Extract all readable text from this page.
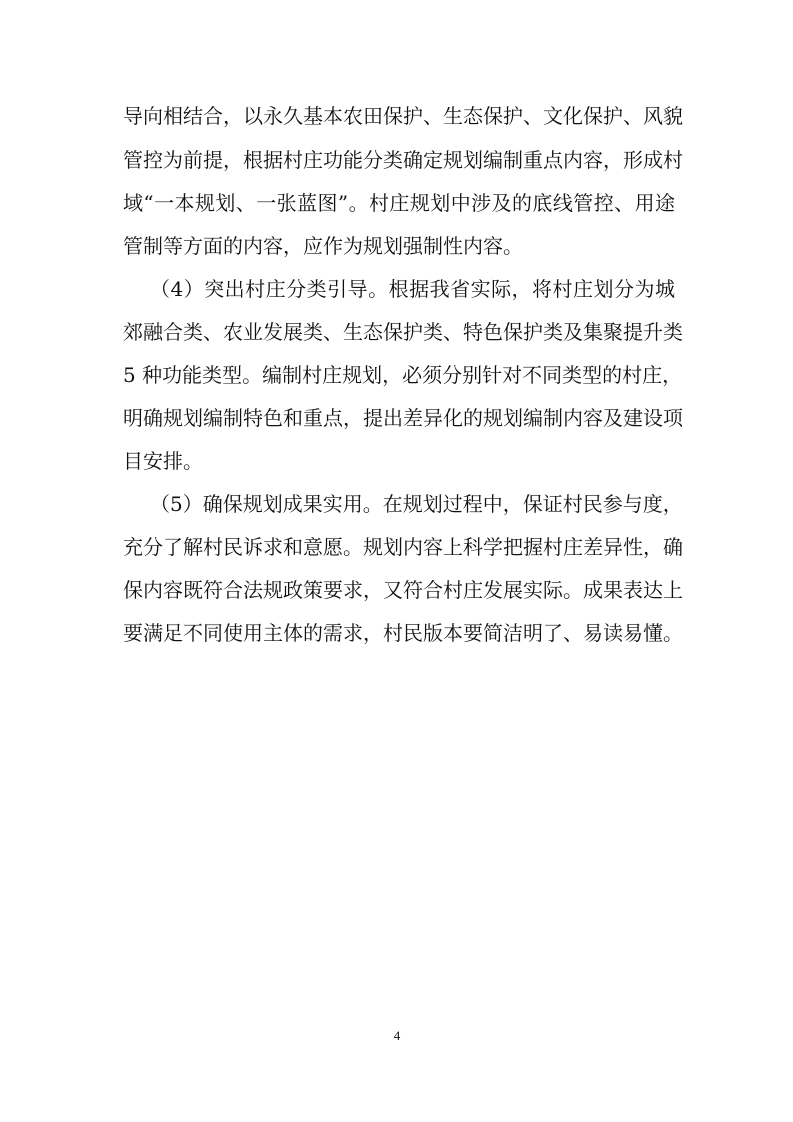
导向相结合，以永久基本农田保护、生态保护、文化保护、风貌
管控为前提，根据村庄功能分类确定规划编制重点内容，形成村
域“一本规划、一张蓝图”。村庄规划中涉及的底线管控、用途
管制等方面的内容，应作为规划强制性内容。
（4）突出村庄分类引导。根据我省实际，将村庄划分为城
郊融合类、农业发展类、生态保护类、特色保护类及集聚提升类
5 种功能类型。编制村庄规划，必须分别针对不同类型的村庄，
明确规划编制特色和重点，提出差异化的规划编制内容及建设项
目安排。
（5）确保规划成果实用。在规划过程中，保证村民参与度，
充分了解村民诉求和意愿。规划内容上科学把握村庄差异性，确
保内容既符合法规政策要求，又符合村庄发展实际。成果表达上
要满足不同使用主体的需求，村民版本要简洁明了、易读易懂。
4
